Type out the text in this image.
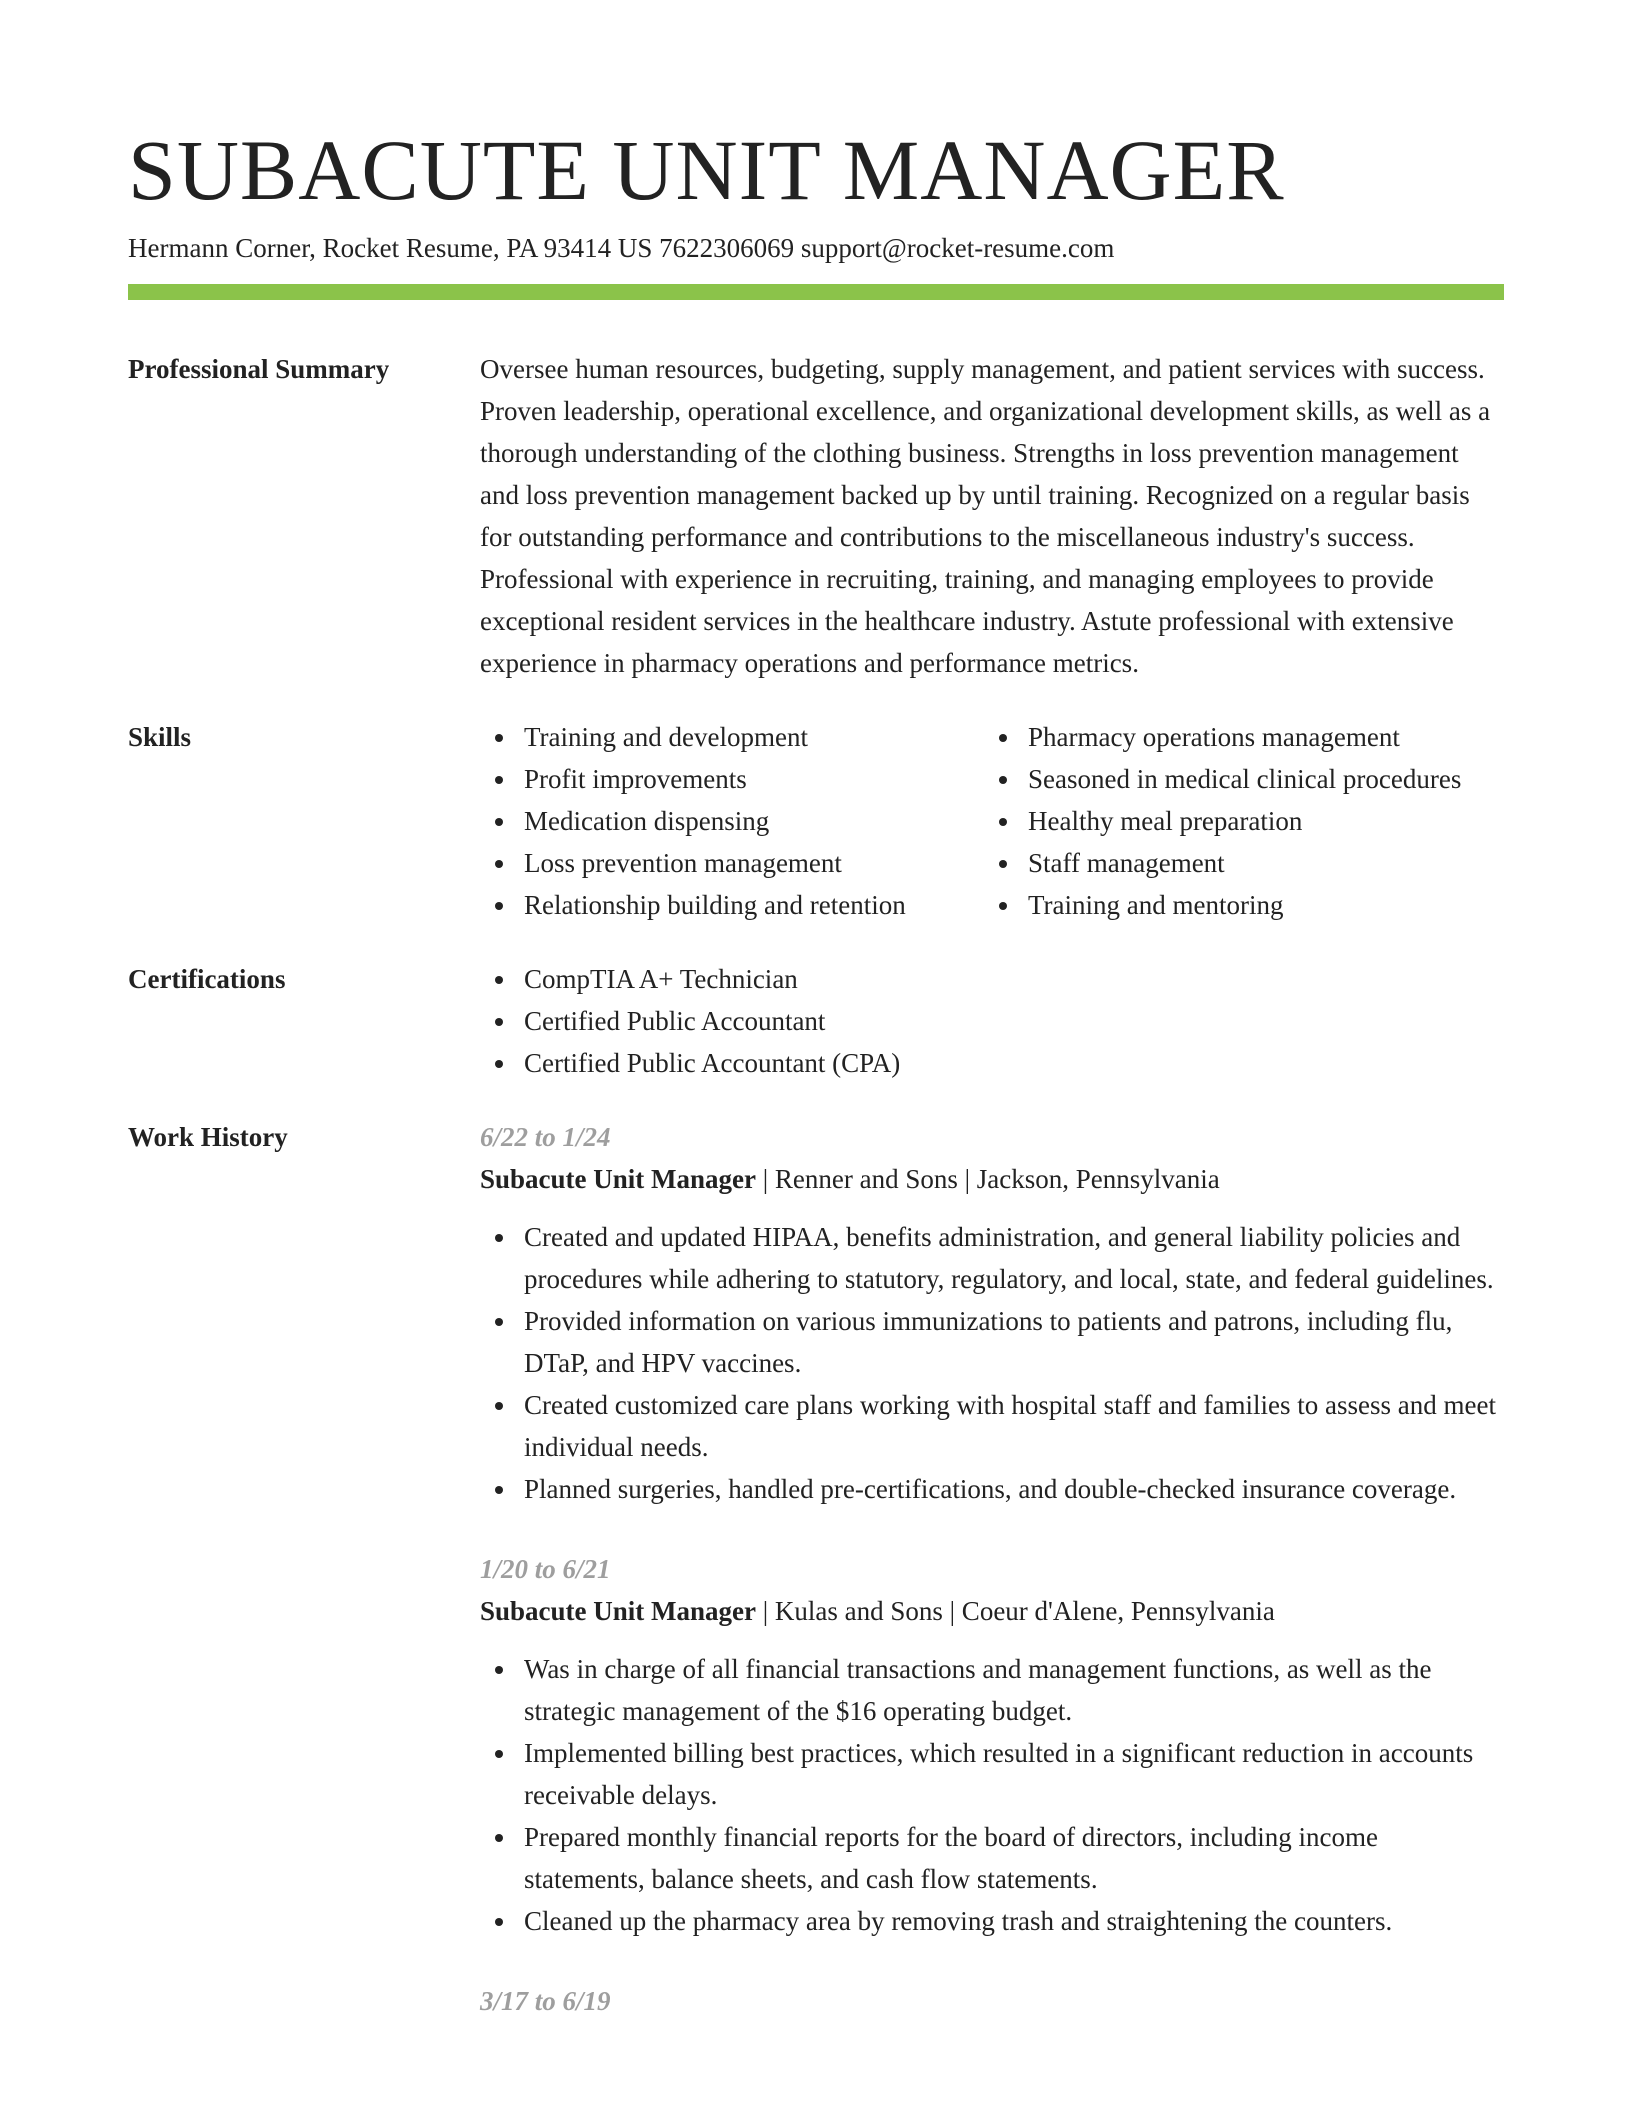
SUBACUTE UNIT MANAGER
Hermann Corner, Rocket Resume, PA 93414 US 7622306069 support@rocket-resume.com
Professional Summary	Oversee human resources, budgeting, supply management, and patient services with success. Proven leadership, operational excellence, and organizational development skills, as well as a thorough understanding of the clothing business. Strengths in loss prevention management and loss prevention management backed up by until training. Recognized on a regular basis for outstanding performance and contributions to the miscellaneous industry's success. Professional with experience in recruiting, training, and managing employees to provide exceptional resident services in the healthcare industry. Astute professional with extensive experience in pharmacy operations and performance metrics.
Skills	Training and development
Profit improvements
Medication dispensing
Loss prevention management
Relationship building and retention
Pharmacy operations management
Seasoned in medical clinical procedures
Healthy meal preparation
Staff management
Training and mentoring
Certifications	CompTIA A+ Technician
Certified Public Accountant
Certified Public Accountant (CPA)
Work History	6/22 to 1/24
Subacute Unit Manager | Renner and Sons | Jackson, Pennsylvania
Created and updated HIPAA, benefits administration, and general liability policies and procedures while adhering to statutory, regulatory, and local, state, and federal guidelines.
Provided information on various immunizations to patients and patrons, including flu, DTaP, and HPV vaccines.
Created customized care plans working with hospital staff and families to assess and meet individual needs.
Planned surgeries, handled pre-certifications, and double-checked insurance coverage.
1/20 to 6/21
Subacute Unit Manager | Kulas and Sons | Coeur d'Alene, Pennsylvania
Was in charge of all financial transactions and management functions, as well as the strategic management of the $16 operating budget.
Implemented billing best practices, which resulted in a significant reduction in accounts receivable delays.
Prepared monthly financial reports for the board of directors, including income statements, balance sheets, and cash flow statements.
Cleaned up the pharmacy area by removing trash and straightening the counters.
3/17 to 6/19
